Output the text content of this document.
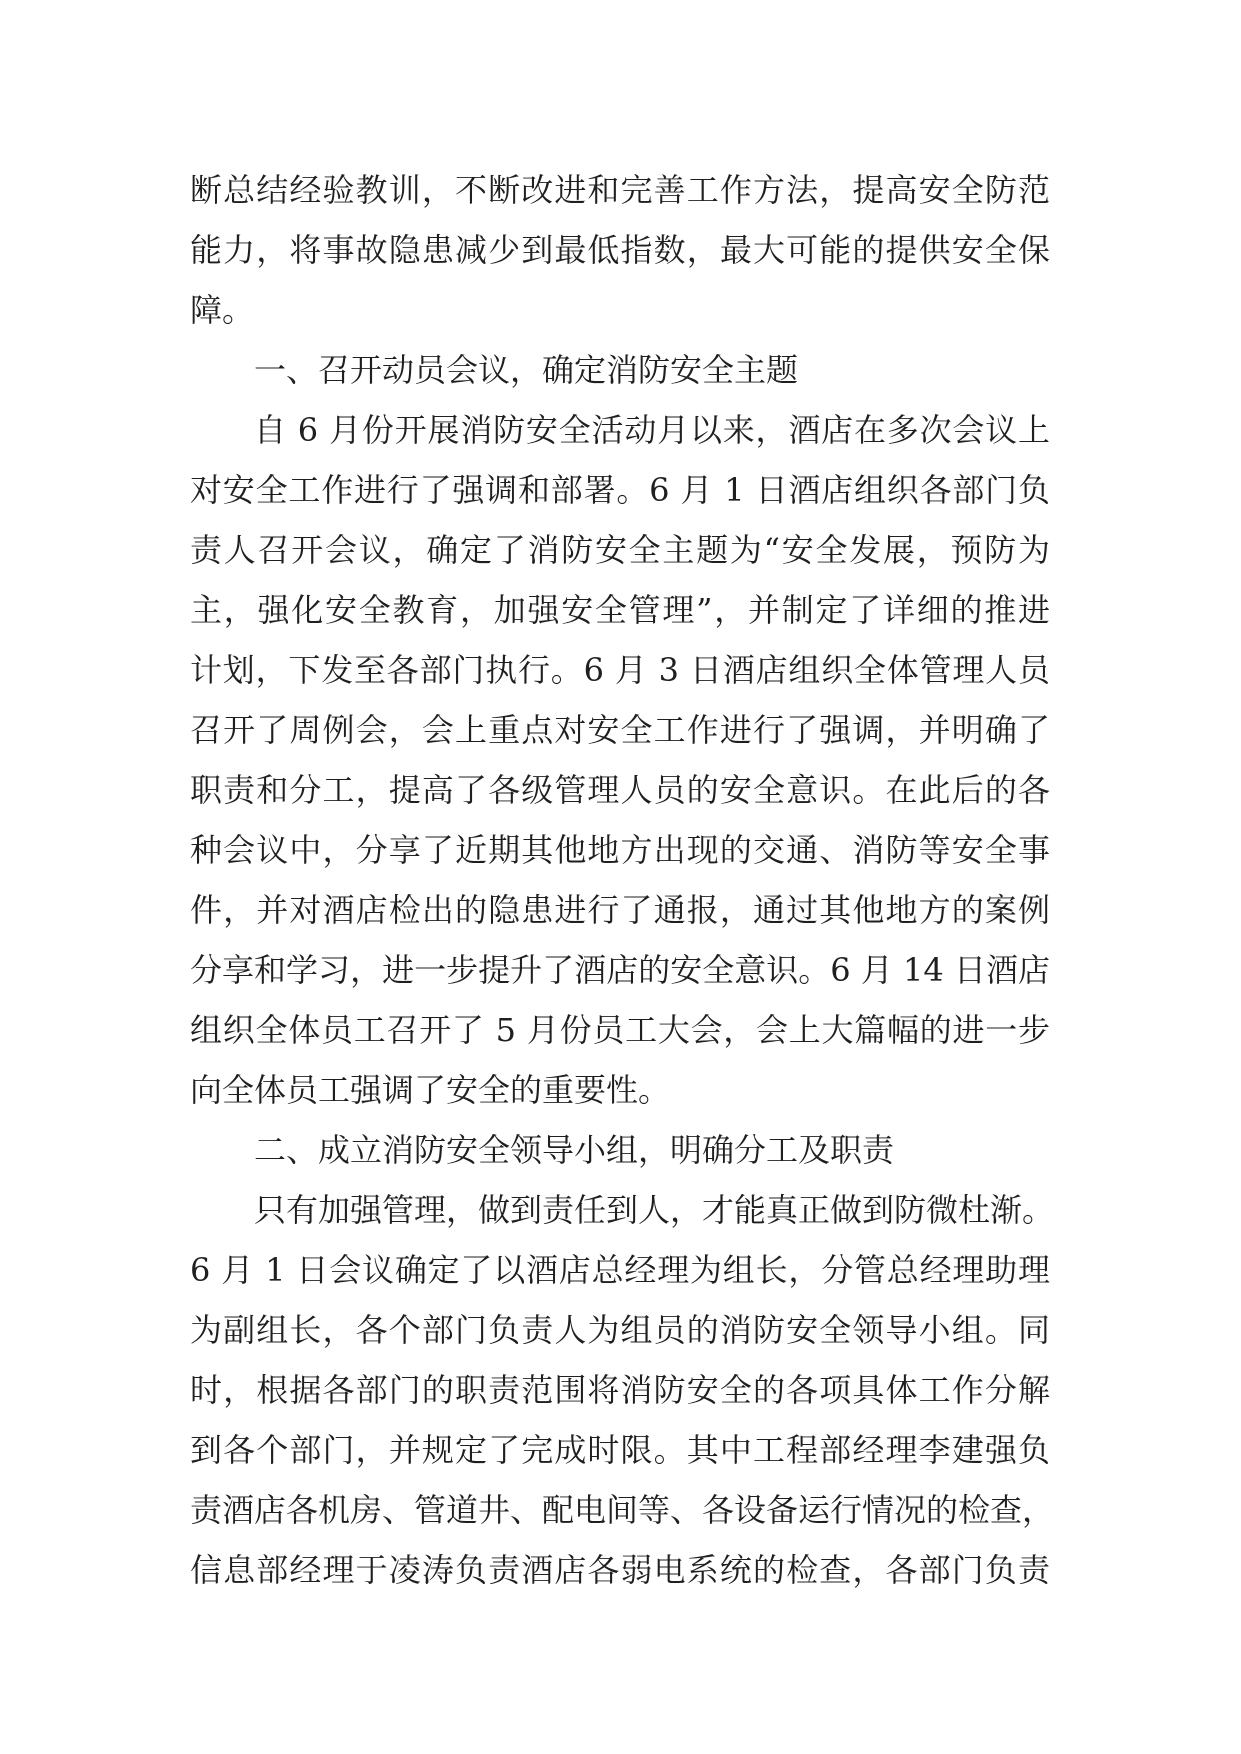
断总结经验教训，不断改进和完善工作方法，提高安全防范
能力，将事故隐患减少到最低指数，最大可能的提供安全保
障。
一、召开动员会议，确定消防安全主题
自 6 月份开展消防安全活动月以来，酒店在多次会议上
对安全工作进行了强调和部署。6 月 1 日酒店组织各部门负
责人召开会议，确定了消防安全主题为“安全发展，预防为
主，强化安全教育，加强安全管理”，并制定了详细的推进
计划，下发至各部门执行。6 月 3 日酒店组织全体管理人员
召开了周例会，会上重点对安全工作进行了强调，并明确了
职责和分工，提高了各级管理人员的安全意识。在此后的各
种会议中，分享了近期其他地方出现的交通、消防等安全事
件，并对酒店检出的隐患进行了通报，通过其他地方的案例
分享和学习，进一步提升了酒店的安全意识。6 月 14 日酒店
组织全体员工召开了 5 月份员工大会，会上大篇幅的进一步
向全体员工强调了安全的重要性。
二、成立消防安全领导小组，明确分工及职责
只有加强管理，做到责任到人，才能真正做到防微杜渐。
6 月 1 日会议确定了以酒店总经理为组长，分管总经理助理
为副组长，各个部门负责人为组员的消防安全领导小组。同
时，根据各部门的职责范围将消防安全的各项具体工作分解
到各个部门，并规定了完成时限。其中工程部经理李建强负
责酒店各机房、管道井、配电间等、各设备运行情况的检查，
信息部经理于凌涛负责酒店各弱电系统的检查，各部门负责
